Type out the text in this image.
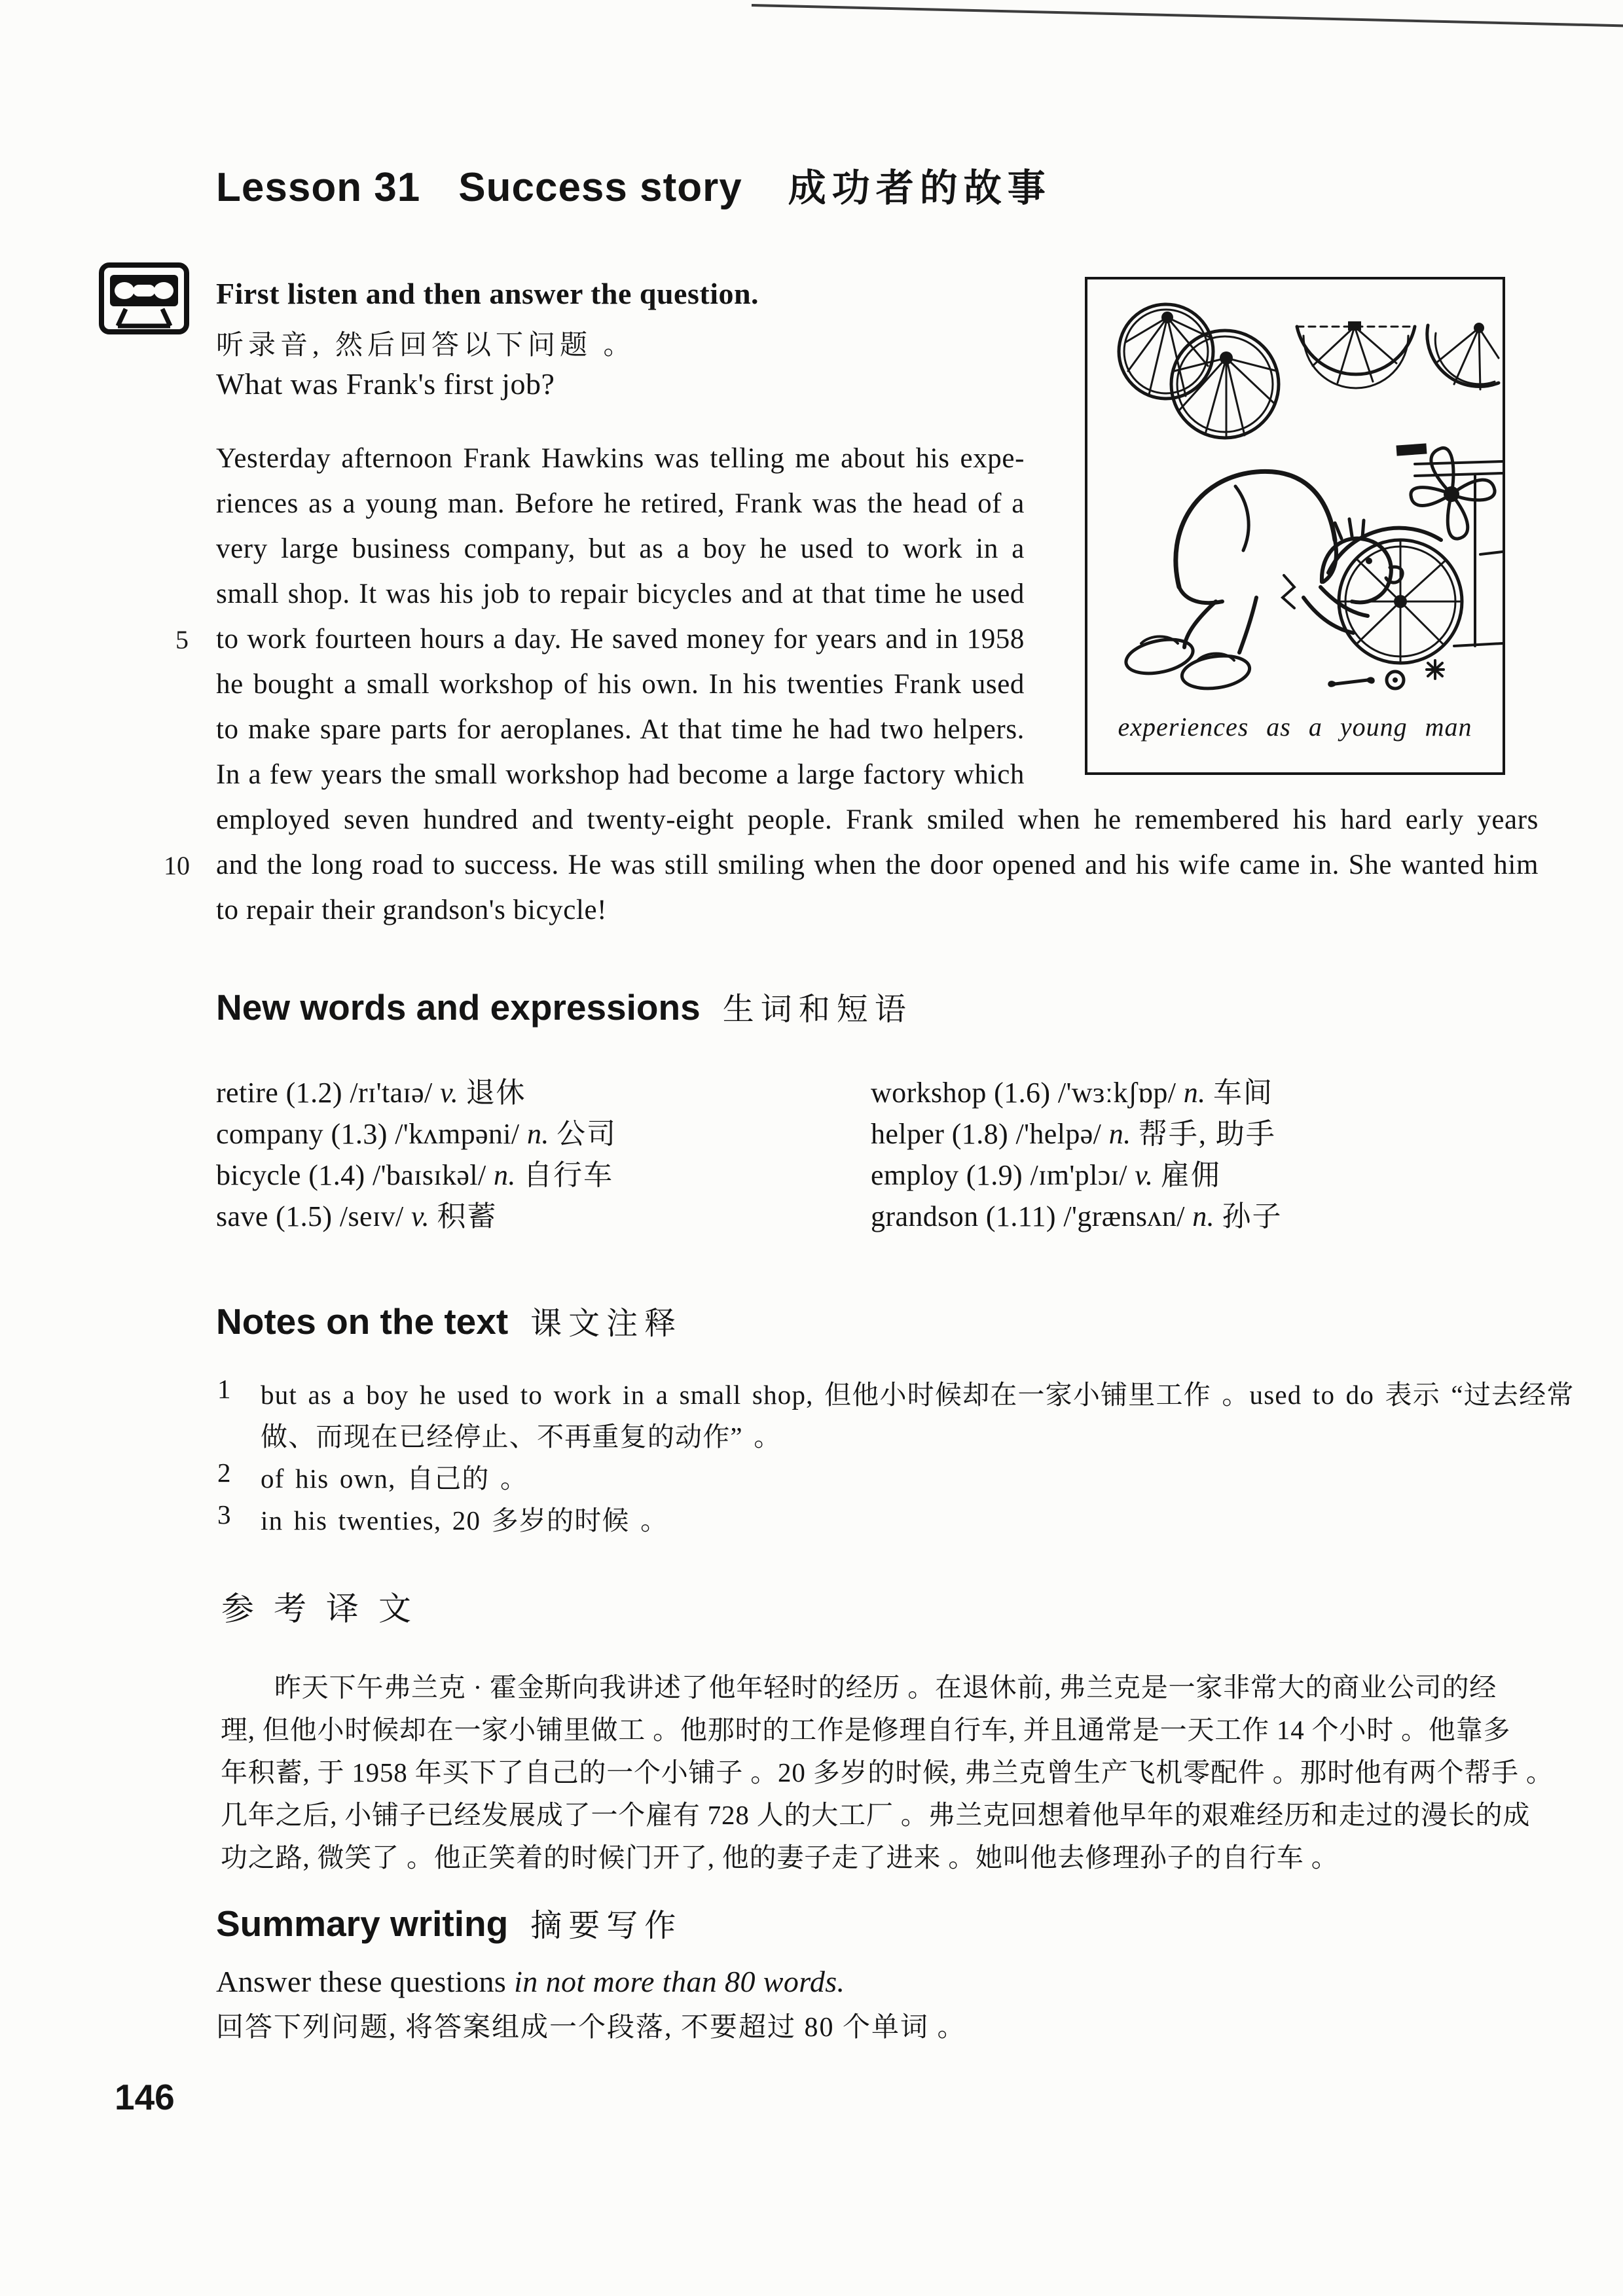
Lesson 31 Success story 成功者的故事
First listen and then answer the question.
听录音, 然后回答以下问题 。
What was Frank's first job?
Yesterday afternoon Frank Hawkins was telling me about his expe-
riences as a young man. Before he retired, Frank was the head of a
very large business company, but as a boy he used to work in a
small shop. It was his job to repair bicycles and at that time he used
to work fourteen hours a day. He saved money for years and in 1958
5
he bought a small workshop of his own. In his twenties Frank used
to make spare parts for aeroplanes. At that time he had two helpers.
In a few years the small workshop had become a large factory which
employed seven hundred and twenty-eight people. Frank smiled when he remembered his hard early years
and the long road to success. He was still smiling when the door opened and his wife came in. She wanted him
10
to repair their grandson's bicycle!
experiences as a young man
New words and expressions 生词和短语
retire (1.2) /rɪ'taɪə/ v. 退休
company (1.3) /'kʌmpəni/ n. 公司
bicycle (1.4) /'baɪsɪkəl/ n. 自行车
save (1.5) /seɪv/ v. 积蓄
workshop (1.6) /'wɜːkʃɒp/ n. 车间
helper (1.8) /'helpə/ n. 帮手, 助手
employ (1.9) /ɪm'plɔɪ/ v. 雇佣
grandson (1.11) /'grænsʌn/ n. 孙子
Notes on the text 课文注释
1 but as a boy he used to work in a small shop, 但他小时候却在一家小铺里工作 。used to do 表示 “过去经常
做、而现在已经停止、不再重复的动作” 。
2 of his own, 自己的 。
3 in his twenties, 20 多岁的时候 。
参考译文
昨天下午弗兰克 · 霍金斯向我讲述了他年轻时的经历 。在退休前, 弗兰克是一家非常大的商业公司的经
理, 但他小时候却在一家小铺里做工 。他那时的工作是修理自行车, 并且通常是一天工作 14 个小时 。他靠多
年积蓄, 于 1958 年买下了自己的一个小铺子 。20 多岁的时候, 弗兰克曾生产飞机零配件 。那时他有两个帮手 。
几年之后, 小铺子已经发展成了一个雇有 728 人的大工厂 。弗兰克回想着他早年的艰难经历和走过的漫长的成
功之路, 微笑了 。他正笑着的时候门开了, 他的妻子走了进来 。她叫他去修理孙子的自行车 。
Summary writing 摘要写作
Answer these questions in not more than 80 words.
回答下列问题, 将答案组成一个段落, 不要超过 80 个单词 。
146
